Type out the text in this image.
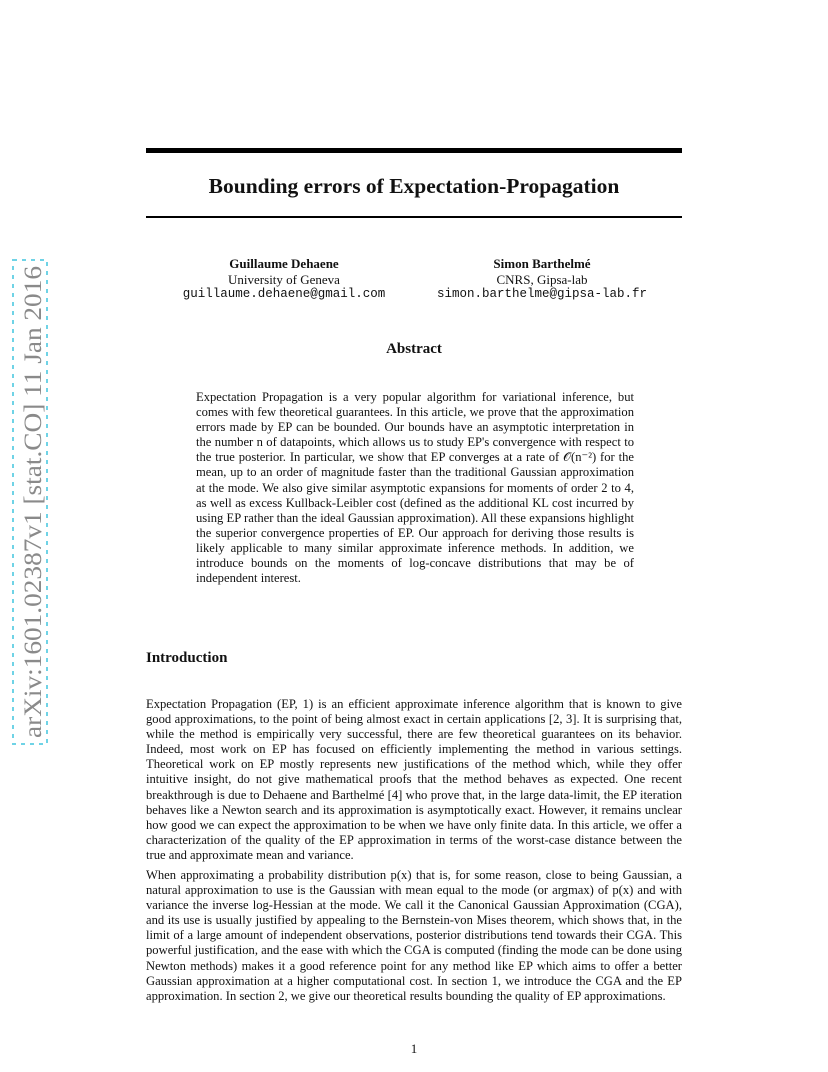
arXiv:1601.02387v1 [stat.CO] 11 Jan 2016
Bounding errors of Expectation-Propagation
Guillaume Dehaene
University of Geneva
guillaume.dehaene@gmail.com
Simon Barthelmé
CNRS, Gipsa-lab
simon.barthelme@gipsa-lab.fr
Abstract

Expectation Propagation is a very popular algorithm for variational inference, but comes with few theoretical guarantees. In this article, we prove that the approximation errors made by EP can be bounded. Our bounds have an asymptotic interpretation in the number n of datapoints, which allows us to study EP's convergence with respect to the true posterior. In particular, we show that EP converges at a rate of 𝒪(n⁻²) for the mean, up to an order of magnitude faster than the traditional Gaussian approximation at the mode. We also give similar asymptotic expansions for moments of order 2 to 4, as well as excess Kullback-Leibler cost (defined as the additional KL cost incurred by using EP rather than the ideal Gaussian approximation). All these expansions highlight the superior convergence properties of EP. Our approach for deriving those results is likely applicable to many similar approximate inference methods. In addition, we introduce bounds on the moments of log-concave distributions that may be of independent interest.

Introduction

Expectation Propagation (EP, 1) is an efficient approximate inference algorithm that is known to give good approximations, to the point of being almost exact in certain applications [2, 3]. It is surprising that, while the method is empirically very successful, there are few theoretical guarantees on its behavior. Indeed, most work on EP has focused on efficiently implementing the method in various settings. Theoretical work on EP mostly represents new justifications of the method which, while they offer intuitive insight, do not give mathematical proofs that the method behaves as expected. One recent breakthrough is due to Dehaene and Barthelmé [4] who prove that, in the large data-limit, the EP iteration behaves like a Newton search and its approximation is asymptotically exact. However, it remains unclear how good we can expect the approximation to be when we have only finite data. In this article, we offer a characterization of the quality of the EP approximation in terms of the worst-case distance between the true and approximate mean and variance.

When approximating a probability distribution p(x) that is, for some reason, close to being Gaussian, a natural approximation to use is the Gaussian with mean equal to the mode (or argmax) of p(x) and with variance the inverse log-Hessian at the mode. We call it the Canonical Gaussian Approximation (CGA), and its use is usually justified by appealing to the Bernstein-von Mises theorem, which shows that, in the limit of a large amount of independent observations, posterior distributions tend towards their CGA. This powerful justification, and the ease with which the CGA is computed (finding the mode can be done using Newton methods) makes it a good reference point for any method like EP which aims to offer a better Gaussian approximation at a higher computational cost. In section 1, we introduce the CGA and the EP approximation. In section 2, we give our theoretical results bounding the quality of EP approximations.

1
